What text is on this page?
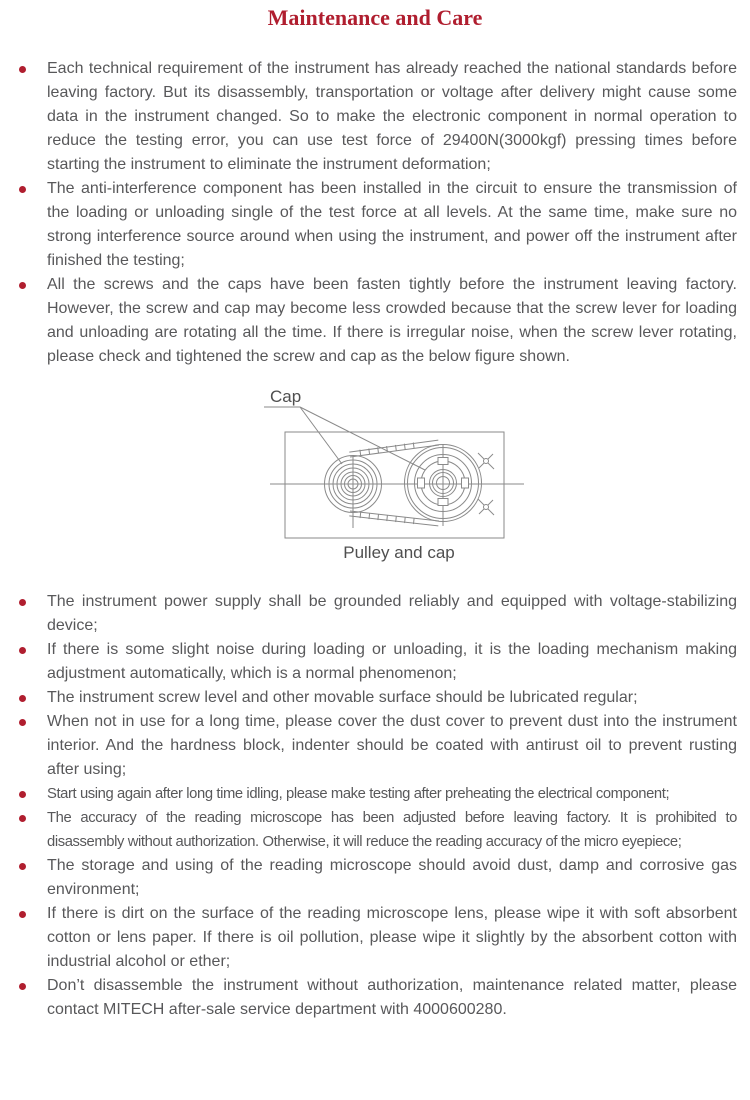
Maintenance and Care
Each technical requirement of the instrument has already reached the national standards before leaving factory. But its disassembly, transportation or voltage after delivery might cause some data in the instrument changed. So to make the electronic component in normal operation to reduce the testing error, you can use test force of 29400N(3000kgf) pressing times before starting the instrument to eliminate the instrument deformation;
The anti-interference component has been installed in the circuit to ensure the transmission of the loading or unloading single of the test force at all levels. At the same time, make sure no strong interference source around when using the instrument, and power off the instrument after finished the testing;
All the screws and the caps have been fasten tightly before the instrument leaving factory. However, the screw and cap may become less crowded because that the screw lever for loading and unloading are rotating all the time. If there is irregular noise, when the screw lever rotating, please check and tightened the screw and cap as the below figure shown.
Cap
Pulley and cap
The instrument power supply shall be grounded reliably and equipped with voltage-stabilizing device;
If there is some slight noise during loading or unloading, it is the loading mechanism making adjustment automatically, which is a normal phenomenon;
The instrument screw level and other movable surface should be lubricated regular;
When not in use for a long time, please cover the dust cover to prevent dust into the instrument interior. And the hardness block, indenter should be coated with antirust oil to prevent rusting after using;
Start using again after long time idling, please make testing after preheating the electrical component;
The accuracy of the reading microscope has been adjusted before leaving factory. It is prohibited to disassembly without authorization. Otherwise, it will reduce the reading accuracy of the micro eyepiece;
The storage and using of the reading microscope should avoid dust, damp and corrosive gas environment;
If there is dirt on the surface of the reading microscope lens, please wipe it with soft absorbent cotton or lens paper. If there is oil pollution, please wipe it slightly by the absorbent cotton with industrial alcohol or ether;
Don’t disassemble the instrument without authorization, maintenance related matter, please contact MITECH after-sale service department with 4000600280.
